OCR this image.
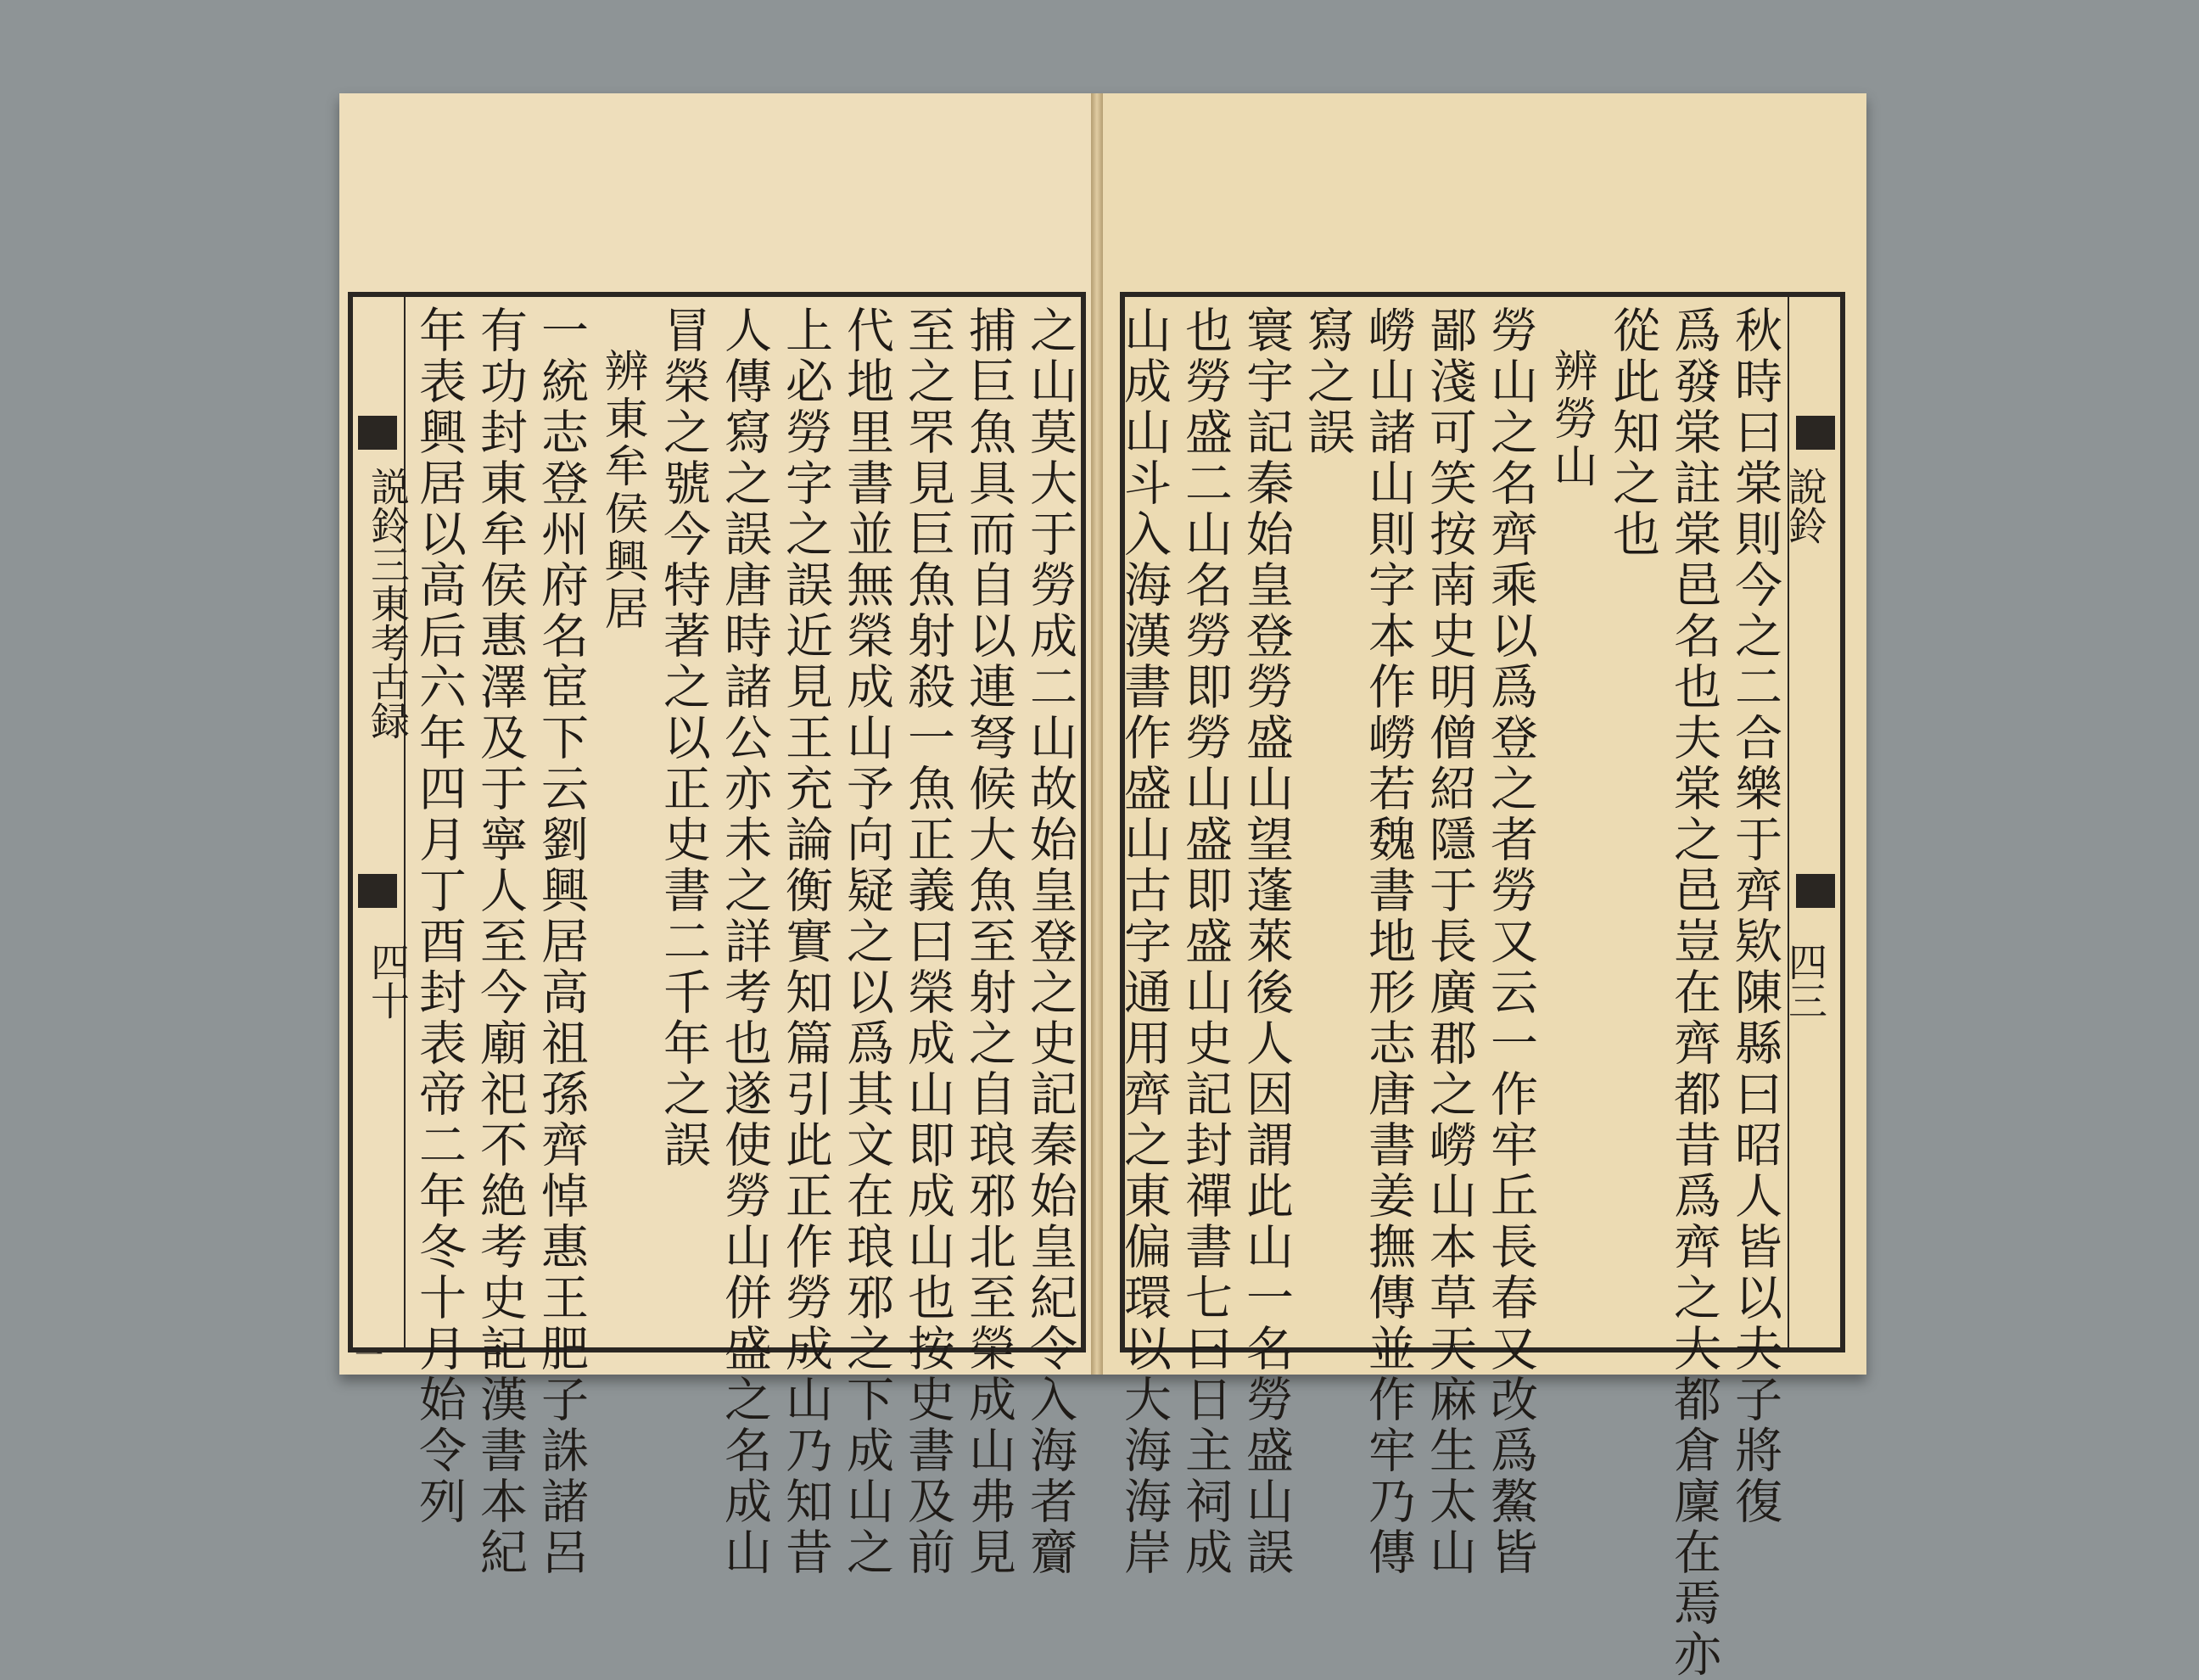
説鈴三東考古録
四十	之山莫大于勞成二山故始皇登之史記秦始皇紀令入海者齎
捕巨魚具而自以連弩候大魚至射之自琅邪北至榮成山弗見
至之罘見巨魚射殺一魚正義曰榮成山即成山也按史書及前
代地里書並無榮成山予向疑之以爲其文在琅邪之下成山之
上必勞字之誤近見王充論衡實知篇引此正作勞成山乃知昔
人傳寫之誤唐時諸公亦未之詳考也遂使勞山併盛之名成山
冒榮之號今特著之以正史書二千年之誤
辨東牟侯興居
一統志登州府名宦下云劉興居高祖孫齊悼惠王肥子誅諸呂
有功封東牟侯惠澤及于寧人至今廟祀不絶考史記漢書本紀
年表興居以高后六年四月丁酉封表帝二年冬十月始令列
一
說鈴
四三
秋時曰棠則今之二合樂于齊欵陳縣曰昭人皆以夫子將復
爲發棠註棠邑名也夫棠之邑豈在齊都昔爲齊之大都倉廩在焉亦
從此知之也
辨勞山
勞山之名齊乘以爲登之者勞又云一作牢丘長春又改爲鰲皆
鄙淺可笑按南史明僧紹隱于長廣郡之嶗山本草天麻生太山
嶗山諸山則字本作嶗若魏書地形志唐書姜撫傳並作牢乃傳
寫之誤
寰宇記秦始皇登勞盛山望蓬萊後人因謂此山一名勞盛山誤
也勞盛二山名勞即勞山盛即盛山史記封禪書七曰日主祠成
山成山斗入海漢書作盛山古字通用齊之東偏環以大海海岸
